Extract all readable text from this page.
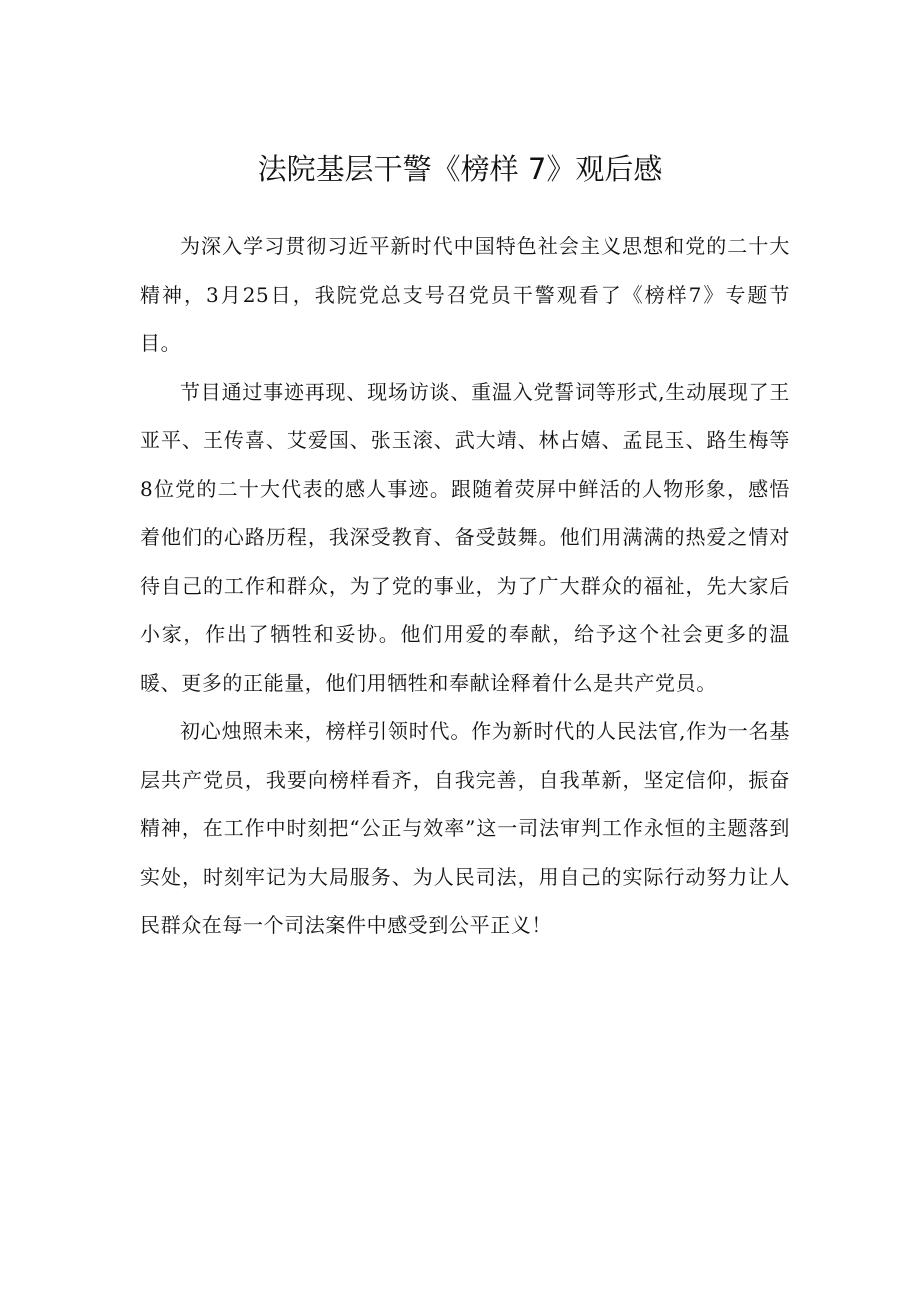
法院基层干警《榜样 7》观后感

为深入学习贯彻习近平新时代中国特色社会主义思想和党的二十大精神，3月25日，我院党总支号召党员干警观看了《榜样7》专题节目。

节目通过事迹再现、现场访谈、重温入党誓词等形式,生动展现了王亚平、王传喜、艾爱国、张玉滚、武大靖、林占嬉、孟昆玉、路生梅等8位党的二十大代表的感人事迹。跟随着荧屏中鲜活的人物形象，感悟着他们的心路历程，我深受教育、备受鼓舞。他们用满满的热爱之情对待自己的工作和群众，为了党的事业，为了广大群众的福祉，先大家后小家，作出了牺牲和妥协。他们用爱的奉献，给予这个社会更多的温暖、更多的正能量，他们用牺牲和奉献诠释着什么是共产党员。

初心烛照未来，榜样引领时代。作为新时代的人民法官,作为一名基层共产党员，我要向榜样看齐，自我完善，自我革新，坚定信仰，振奋精神，在工作中时刻把“公正与效率”这一司法审判工作永恒的主题落到实处，时刻牢记为大局服务、为人民司法，用自己的实际行动努力让人民群众在每一个司法案件中感受到公平正义！
